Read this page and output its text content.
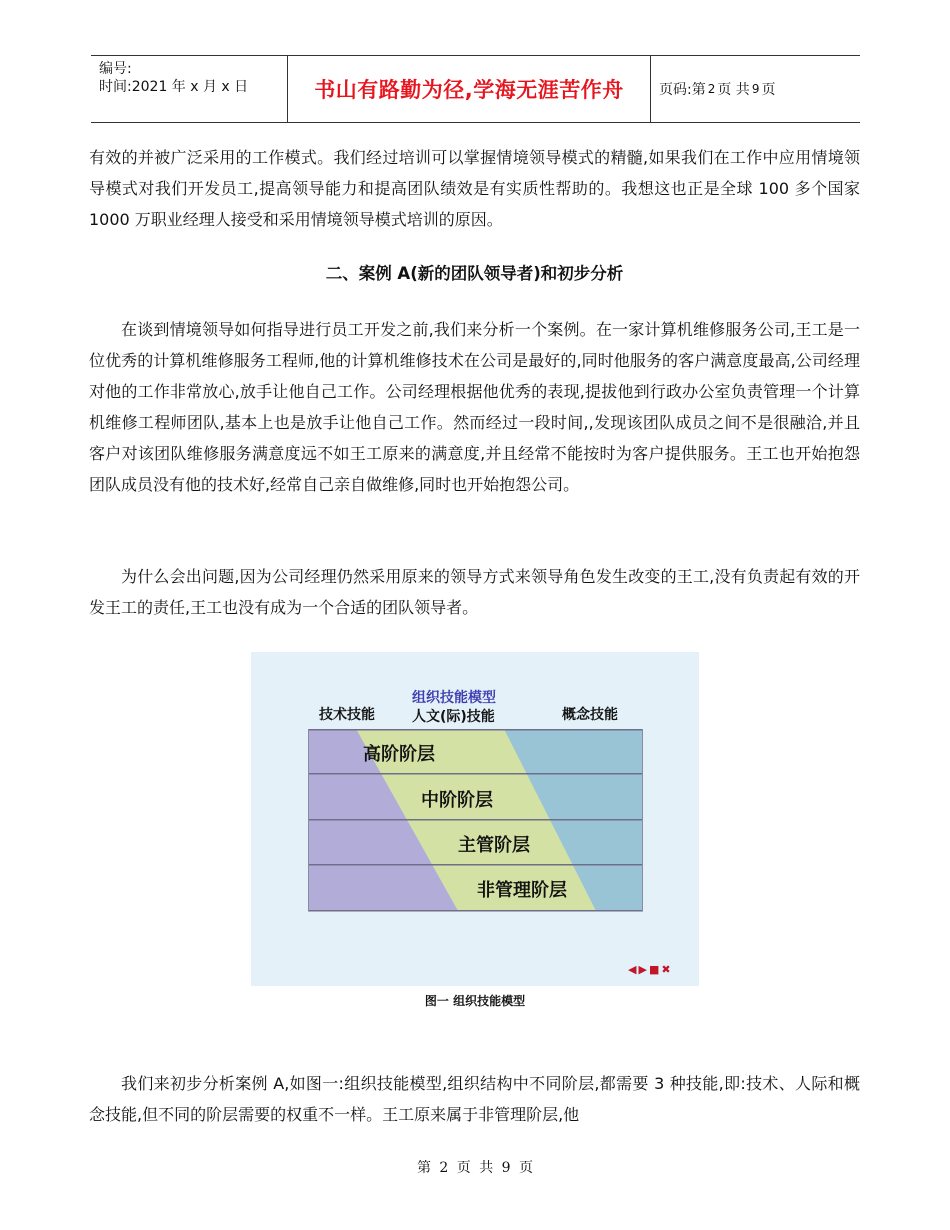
编号:
时间:2021 年 x 月 x 日	书山有路勤为径,学海无涯苦作舟	页码:第 2 页 共 9 页

有效的并被广泛采用的工作模式。我们经过培训可以掌握情境领导模式的精髓,如果我们在工作中应用情境领导模式对我们开发员工,提高领导能力和提高团队绩效是有实质性帮助的。我想这也正是全球 100 多个国家 1000 万职业经理人接受和采用情境领导模式培训的原因。

二、案例 A(新的团队领导者)和初步分析

在谈到情境领导如何指导进行员工开发之前,我们来分析一个案例。在一家计算机维修服务公司,王工是一位优秀的计算机维修服务工程师,他的计算机维修技术在公司是最好的,同时他服务的客户满意度最高,公司经理对他的工作非常放心,放手让他自己工作。公司经理根据他优秀的表现,提拔他到行政办公室负责管理一个计算机维修工程师团队,基本上也是放手让他自己工作。然而经过一段时间,,发现该团队成员之间不是很融洽,并且客户对该团队维修服务满意度远不如王工原来的满意度,并且经常不能按时为客户提供服务。王工也开始抱怨团队成员没有他的技术好,经常自己亲自做维修,同时也开始抱怨公司。

为什么会出问题,因为公司经理仍然采用原来的领导方式来领导角色发生改变的王工,没有负责起有效的开发王工的责任,王工也没有成为一个合适的团队领导者。

组织技能模型
技术技能	人文(际)技能	概念技能
高阶阶层
中阶阶层
主管阶层
非管理阶层
◀ ▶ ■ ✖
图一 组织技能模型

我们来初步分析案例 A,如图一:组织技能模型,组织结构中不同阶层,都需要 3 种技能,即:技术、人际和概念技能,但不同的阶层需要的权重不一样。王工原来属于非管理阶层,他

第 2 页 共 9 页
